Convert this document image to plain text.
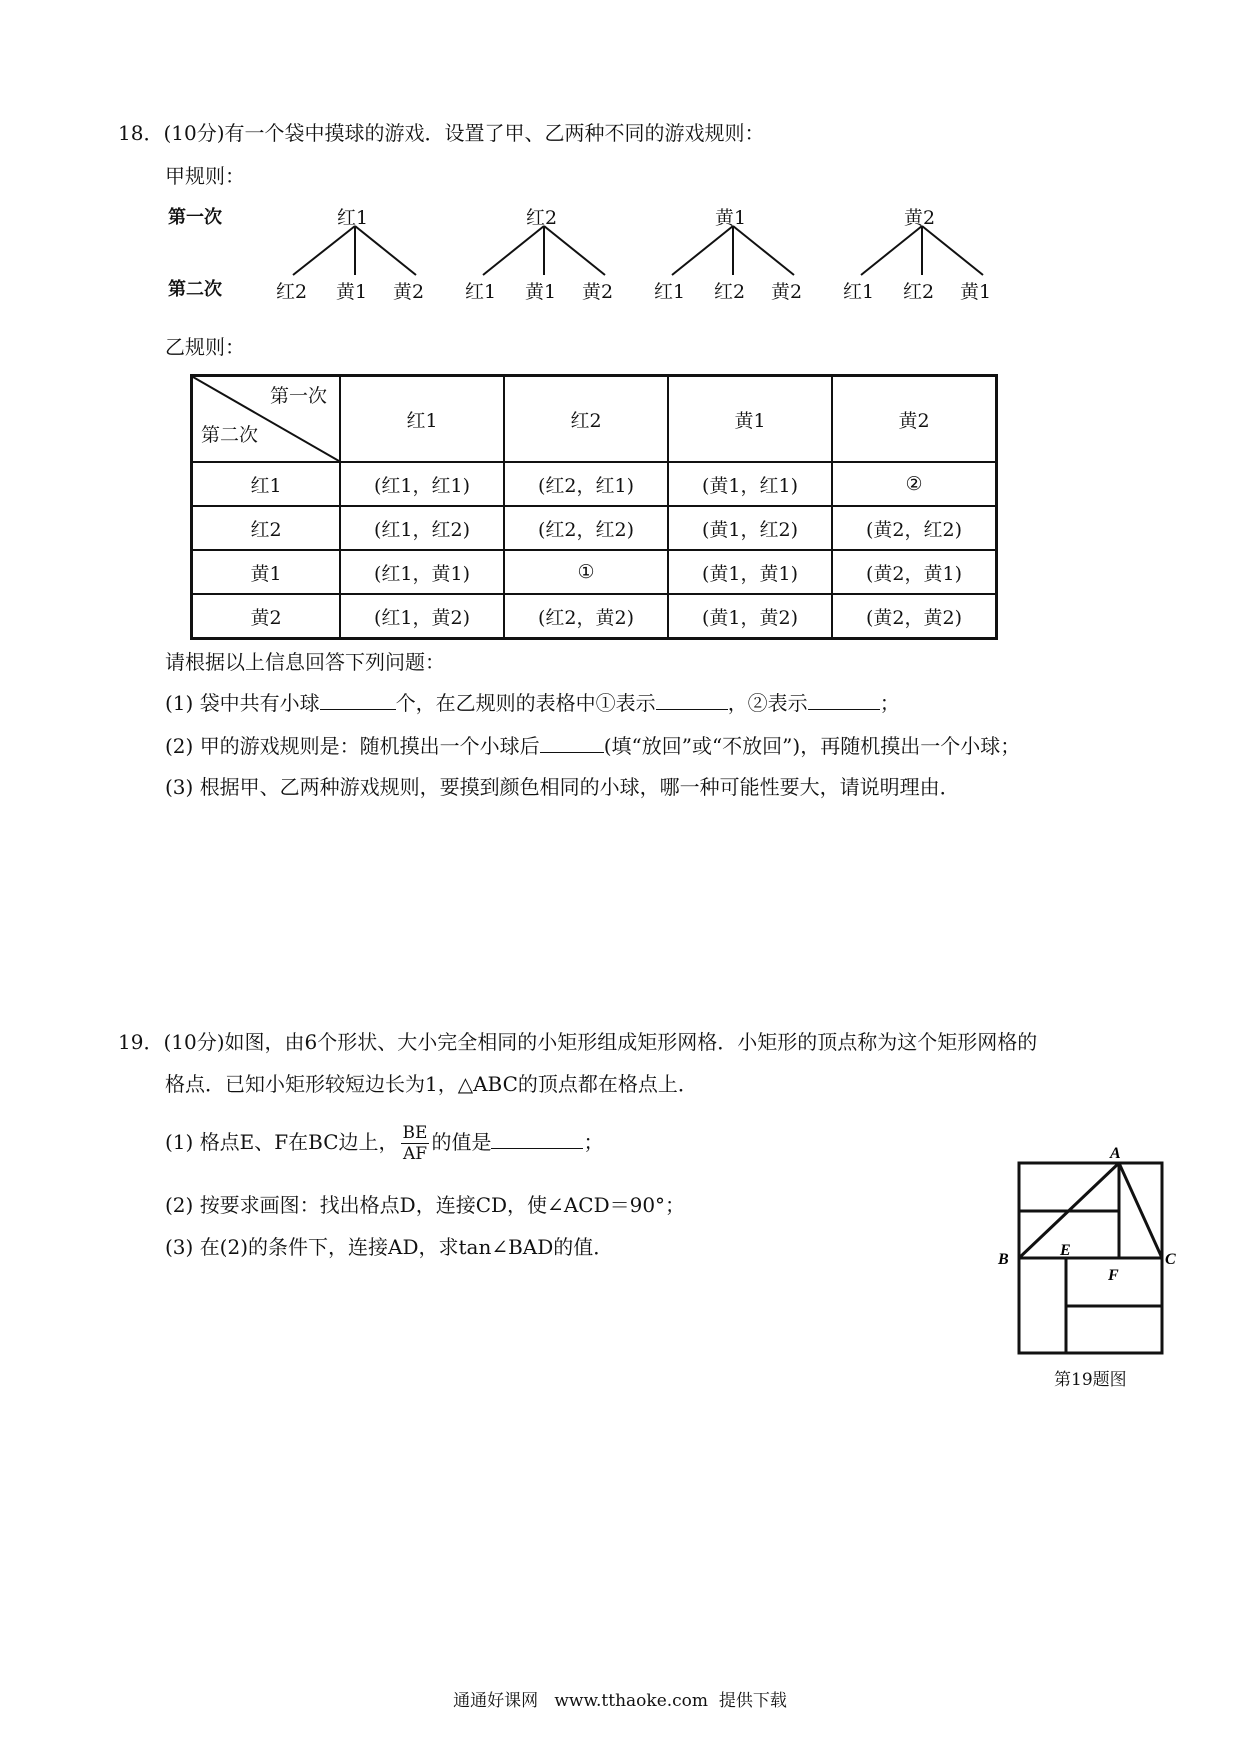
18．(10分)有一个袋中摸球的游戏．设置了甲、乙两种不同的游戏规则：
甲规则：
第一次
第二次
红1	红2	黄1	黄2
红2 黄1 黄2 红1 黄1 黄2 红1 红2 黄2 红1 红2 黄1
乙规则：
第一次
第二次	红1	红2	黄1	黄2
红1	(红1，红1)	(红2，红1)	(黄1，红1)	②
红2	(红1，红2)	(红2，红2)	(黄1，红2)	(黄2，红2)
黄1	(红1，黄1)	①	(黄1，黄1)	(黄2，黄1)
黄2	(红1，黄2)	(红2，黄2)	(黄1，黄2)	(黄2，黄2)
请根据以上信息回答下列问题：
(1) 袋中共有小球	个，在乙规则的表格中①表示	，②表示	；
(2) 甲的游戏规则是：随机摸出一个小球后	(填“放回”或“不放回”)，再随机摸出一个小球；
(3) 根据甲、乙两种游戏规则，要摸到颜色相同的小球，哪一种可能性要大，请说明理由．
19．(10分)如图，由6个形状、大小完全相同的小矩形组成矩形网格．小矩形的顶点称为这个矩形网格的
格点．已知小矩形较短边长为1，△ABC的顶点都在格点上．
(1) 格点E、F在BC边上， $\frac{BE}{AF}$ 的值是	；
(2) 按要求画图：找出格点D，连接CD，使∠ACD＝90°；
(3) 在(2)的条件下，连接AD，求tan∠BAD的值．
A
B	C
E
F
第19题图
通通好课网   www.tthaoke.com  提供下载
